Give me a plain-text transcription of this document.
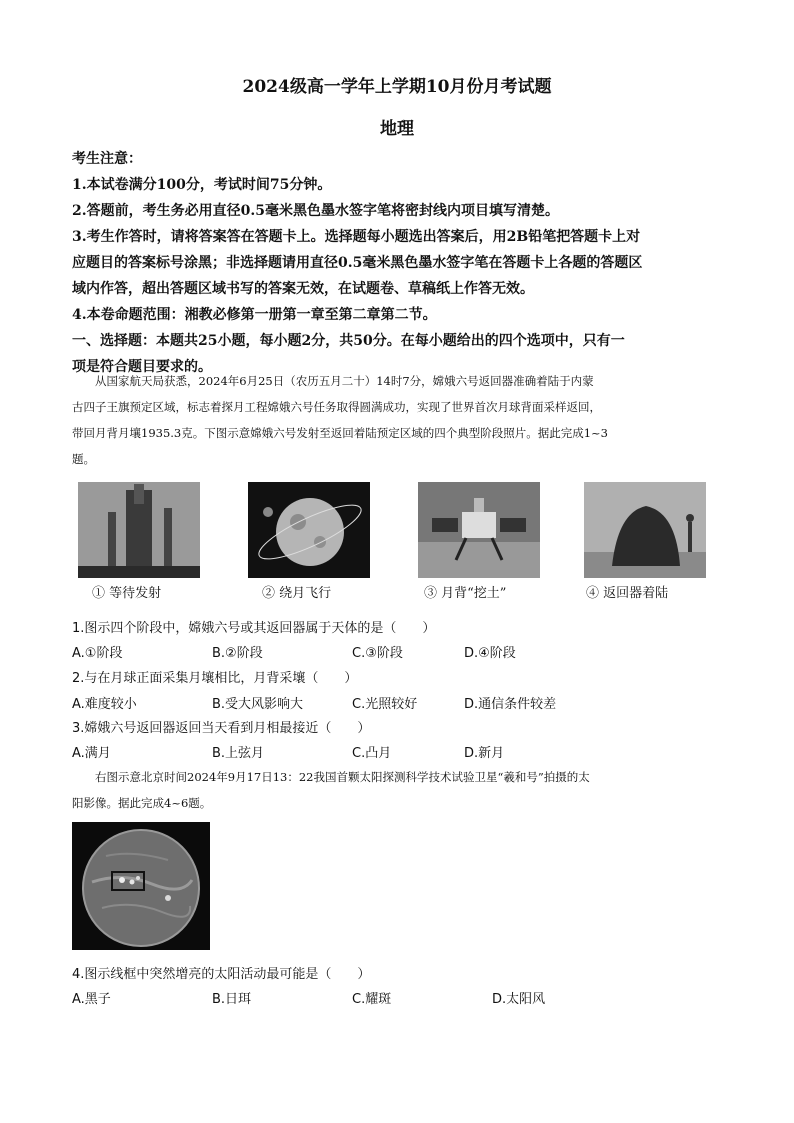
2024级高一学年上学期10月份月考试题
地理
考生注意：
1.本试卷满分100分，考试时间75分钟。
2.答题前，考生务必用直径0.5毫米黑色墨水签字笔将密封线内项目填写清楚。
3.考生作答时，请将答案答在答题卡上。选择题每小题选出答案后，用2B铅笔把答题卡上对
应题目的答案标号涂黑；非选择题请用直径0.5毫米黑色墨水签字笔在答题卡上各题的答题区
域内作答，超出答题区域书写的答案无效，在试题卷、草稿纸上作答无效。
4.本卷命题范围：湘教必修第一册第一章至第二章第二节。
一、选择题：本题共25小题，每小题2分，共50分。在每小题给出的四个选项中，只有一
项是符合题目要求的。
从国家航天局获悉，2024年6月25日（农历五月二十）14时7分，嫦娥六号返回器准确着陆于内蒙
古四子王旗预定区域，标志着探月工程嫦娥六号任务取得圆满成功，实现了世界首次月球背面采样返回，
带回月背月壤1935.3克。下图示意嫦娥六号发射至返回着陆预定区域的四个典型阶段照片。据此完成1~3
题。
① 等待发射	② 绕月飞行	③ 月背“挖土”	④ 返回器着陆
1.图示四个阶段中，嫦娥六号或其返回器属于天体的是（　　）
A.①阶段	B.②阶段	C.③阶段	D.④阶段
2.与在月球正面采集月壤相比，月背采壤（　　）
A.难度较小	B.受大风影响大	C.光照较好	D.通信条件较差
3.嫦娥六号返回器返回当天看到月相最接近（　　）
A.满月	B.上弦月	C.凸月	D.新月
右图示意北京时间2024年9月17日13：22我国首颗太阳探测科学技术试验卫星“羲和号”拍摄的太
阳影像。据此完成4~6题。
4.图示线框中突然增亮的太阳活动最可能是（　　）
A.黑子	B.日珥	C.耀斑	D.太阳风
